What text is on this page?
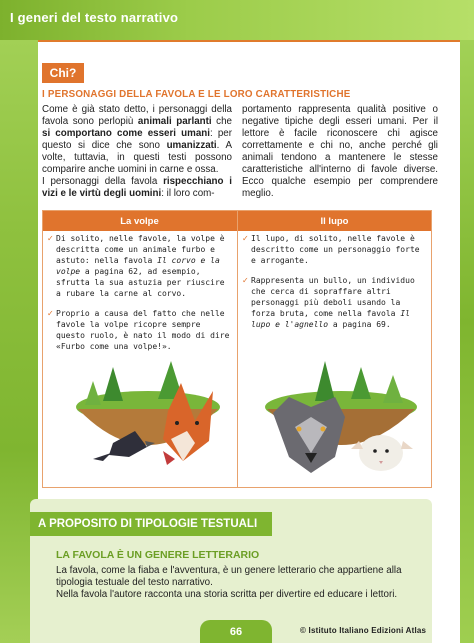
I generi del testo narrativo
Chi?
I PERSONAGGI DELLA FAVOLA E LE LORO CARATTERISTICHE
Come è già stato detto, i personaggi della favola sono perlopiù animali parlanti che si comportano come esseri umani: per questo si dice che sono umanizzati. A volte, tuttavia, in questi testi possono comparire anche uomini in carne e ossa.
I personaggi della favola rispecchiano i vizi e le virtù degli uomini: il loro com-
portamento rappresenta qualità positive o negative tipiche degli esseri umani. Per il lettore è facile riconoscere chi agisce correttamente e chi no, anche perché gli animali tendono a mantenere le stesse caratteristiche all'interno di favole diverse. Ecco qualche esempio per comprendere meglio.
La volpe	Il lupo
✓ Di solito, nelle favole, la volpe è descritta come un animale furbo e astuto: nella favola Il corvo e la volpe a pagina 62, ad esempio, sfrutta la sua astuzia per riuscire a rubare la carne al corvo.
✓ Proprio a causa del fatto che nelle favole la volpe ricopre sempre questo ruolo, è nato il modo di dire «Furbo come una volpe!».
✓ Il lupo, di solito, nelle favole è descritto come un personaggio forte e arrogante.
✓ Rappresenta un bullo, un individuo che cerca di sopraffare altri personaggi più deboli usando la forza bruta, come nella favola Il lupo e l'agnello a pagina 69.
A PROPOSITO DI TIPOLOGIE TESTUALI
LA FAVOLA È UN GENERE LETTERARIO
La favola, come la fiaba e l'avventura, è un genere letterario che appartiene alla tipologia testuale del testo narrativo.
Nella favola l'autore racconta una storia scritta per divertire ed educare i lettori.
66	© Istituto Italiano Edizioni Atlas
